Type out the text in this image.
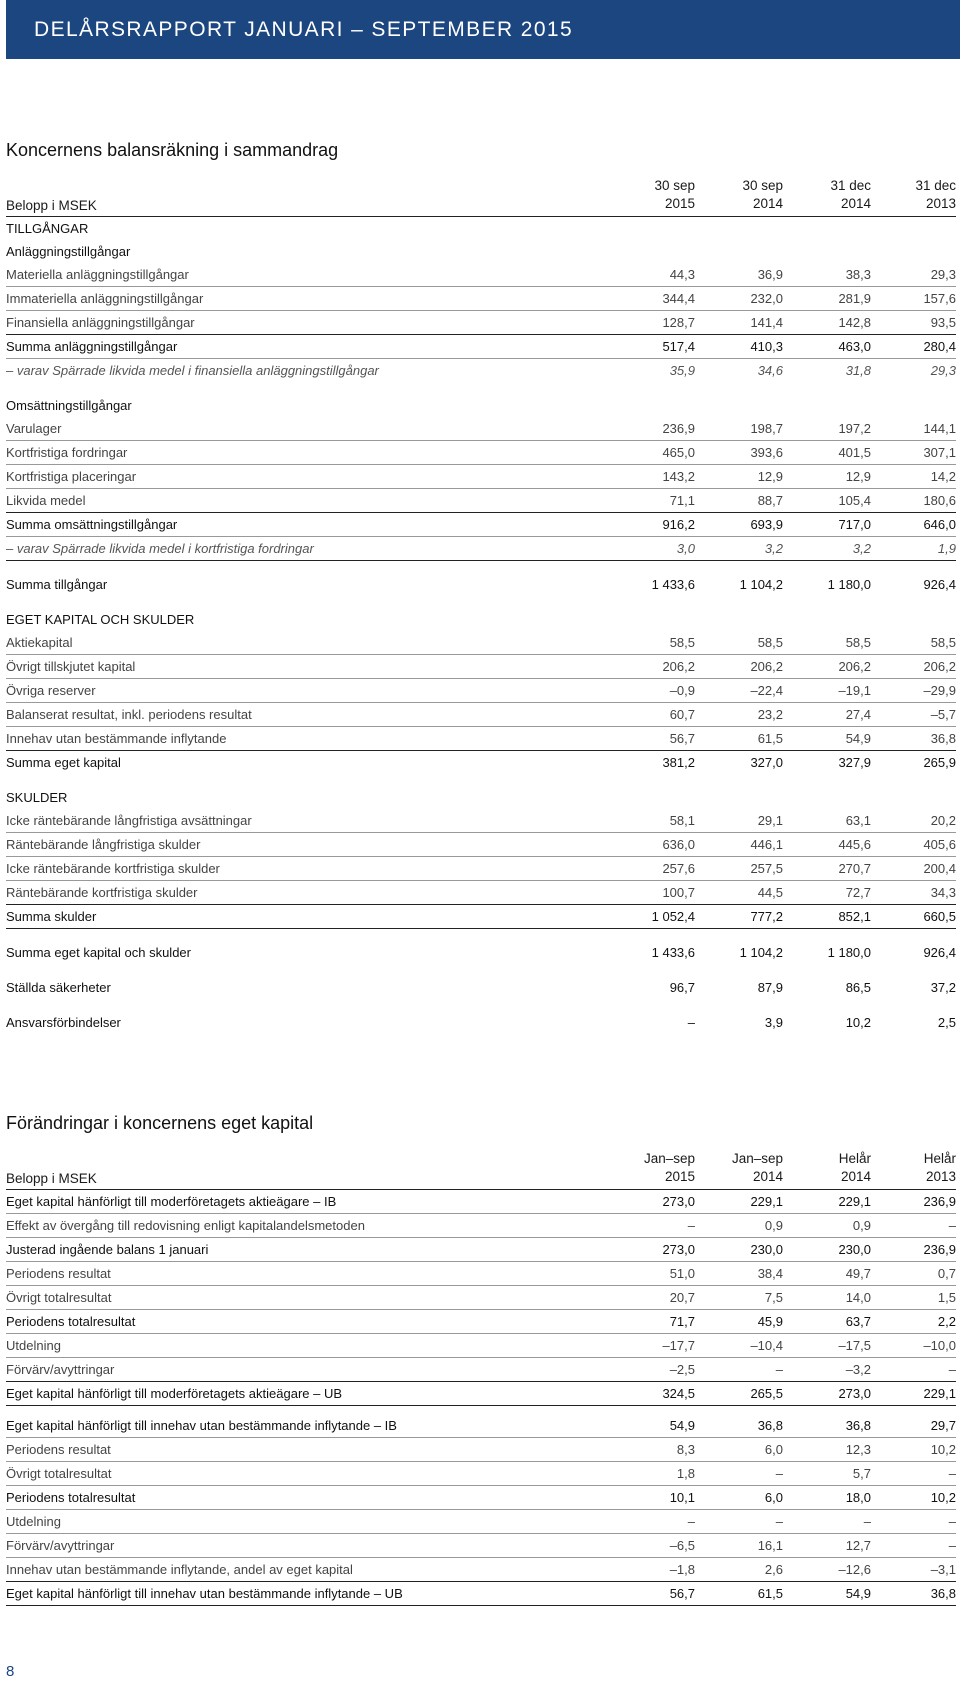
DELÅRSRAPPORT JANUARI – SEPTEMBER 2015
Koncernens balansräkning i sammandrag
Belopp i MSEK
30 sep
2015
30 sep
2014
31 dec
2014
31 dec
2013
TILLGÅNGAR
Anläggningstillgångar
Materiella anläggningstillgångar	44,3	36,9	38,3	29,3
Immateriella anläggningstillgångar	344,4	232,0	281,9	157,6
Finansiella anläggningstillgångar	128,7	141,4	142,8	93,5
Summa anläggningstillgångar	517,4	410,3	463,0	280,4
– varav Spärrade likvida medel i finansiella anläggningstillgångar	35,9	34,6	31,8	29,3
Omsättningstillgångar
Varulager	236,9	198,7	197,2	144,1
Kortfristiga fordringar	465,0	393,6	401,5	307,1
Kortfristiga placeringar	143,2	12,9	12,9	14,2
Likvida medel	71,1	88,7	105,4	180,6
Summa omsättningstillgångar	916,2	693,9	717,0	646,0
– varav Spärrade likvida medel i kortfristiga fordringar	3,0	3,2	3,2	1,9
Summa tillgångar	1 433,6	1 104,2	1 180,0	926,4
EGET KAPITAL OCH SKULDER
Aktiekapital	58,5	58,5	58,5	58,5
Övrigt tillskjutet kapital	206,2	206,2	206,2	206,2
Övriga reserver	–0,9	–22,4	–19,1	–29,9
Balanserat resultat, inkl. periodens resultat	60,7	23,2	27,4	–5,7
Innehav utan bestämmande inflytande	56,7	61,5	54,9	36,8
Summa eget kapital	381,2	327,0	327,9	265,9
SKULDER
Icke räntebärande långfristiga avsättningar	58,1	29,1	63,1	20,2
Räntebärande långfristiga skulder	636,0	446,1	445,6	405,6
Icke räntebärande kortfristiga skulder	257,6	257,5	270,7	200,4
Räntebärande kortfristiga skulder	100,7	44,5	72,7	34,3
Summa skulder	1 052,4	777,2	852,1	660,5
Summa eget kapital och skulder	1 433,6	1 104,2	1 180,0	926,4
Ställda säkerheter	96,7	87,9	86,5	37,2
Ansvarsförbindelser	–	3,9	10,2	2,5
Förändringar i koncernens eget kapital
Belopp i MSEK
Jan–sep
2015
Jan–sep
2014
Helår
2014
Helår
2013
Eget kapital hänförligt till moderföretagets aktieägare – IB	273,0	229,1	229,1	236,9
Effekt av övergång till redovisning enligt kapitalandelsmetoden	–	0,9	0,9	–
Justerad ingående balans 1 januari	273,0	230,0	230,0	236,9
Periodens resultat	51,0	38,4	49,7	0,7
Övrigt totalresultat	20,7	7,5	14,0	1,5
Periodens totalresultat	71,7	45,9	63,7	2,2
Utdelning	–17,7	–10,4	–17,5	–10,0
Förvärv/avyttringar	–2,5	–	–3,2	–
Eget kapital hänförligt till moderföretagets aktieägare – UB	324,5	265,5	273,0	229,1
Eget kapital hänförligt till innehav utan bestämmande inflytande – IB	54,9	36,8	36,8	29,7
Periodens resultat	8,3	6,0	12,3	10,2
Övrigt totalresultat	1,8	–	5,7	–
Periodens totalresultat	10,1	6,0	18,0	10,2
Utdelning	–	–	–	–
Förvärv/avyttringar	–6,5	16,1	12,7	–
Innehav utan bestämmande inflytande, andel av eget kapital	–1,8	2,6	–12,6	–3,1
Eget kapital hänförligt till innehav utan bestämmande inflytande – UB	56,7	61,5	54,9	36,8
8
